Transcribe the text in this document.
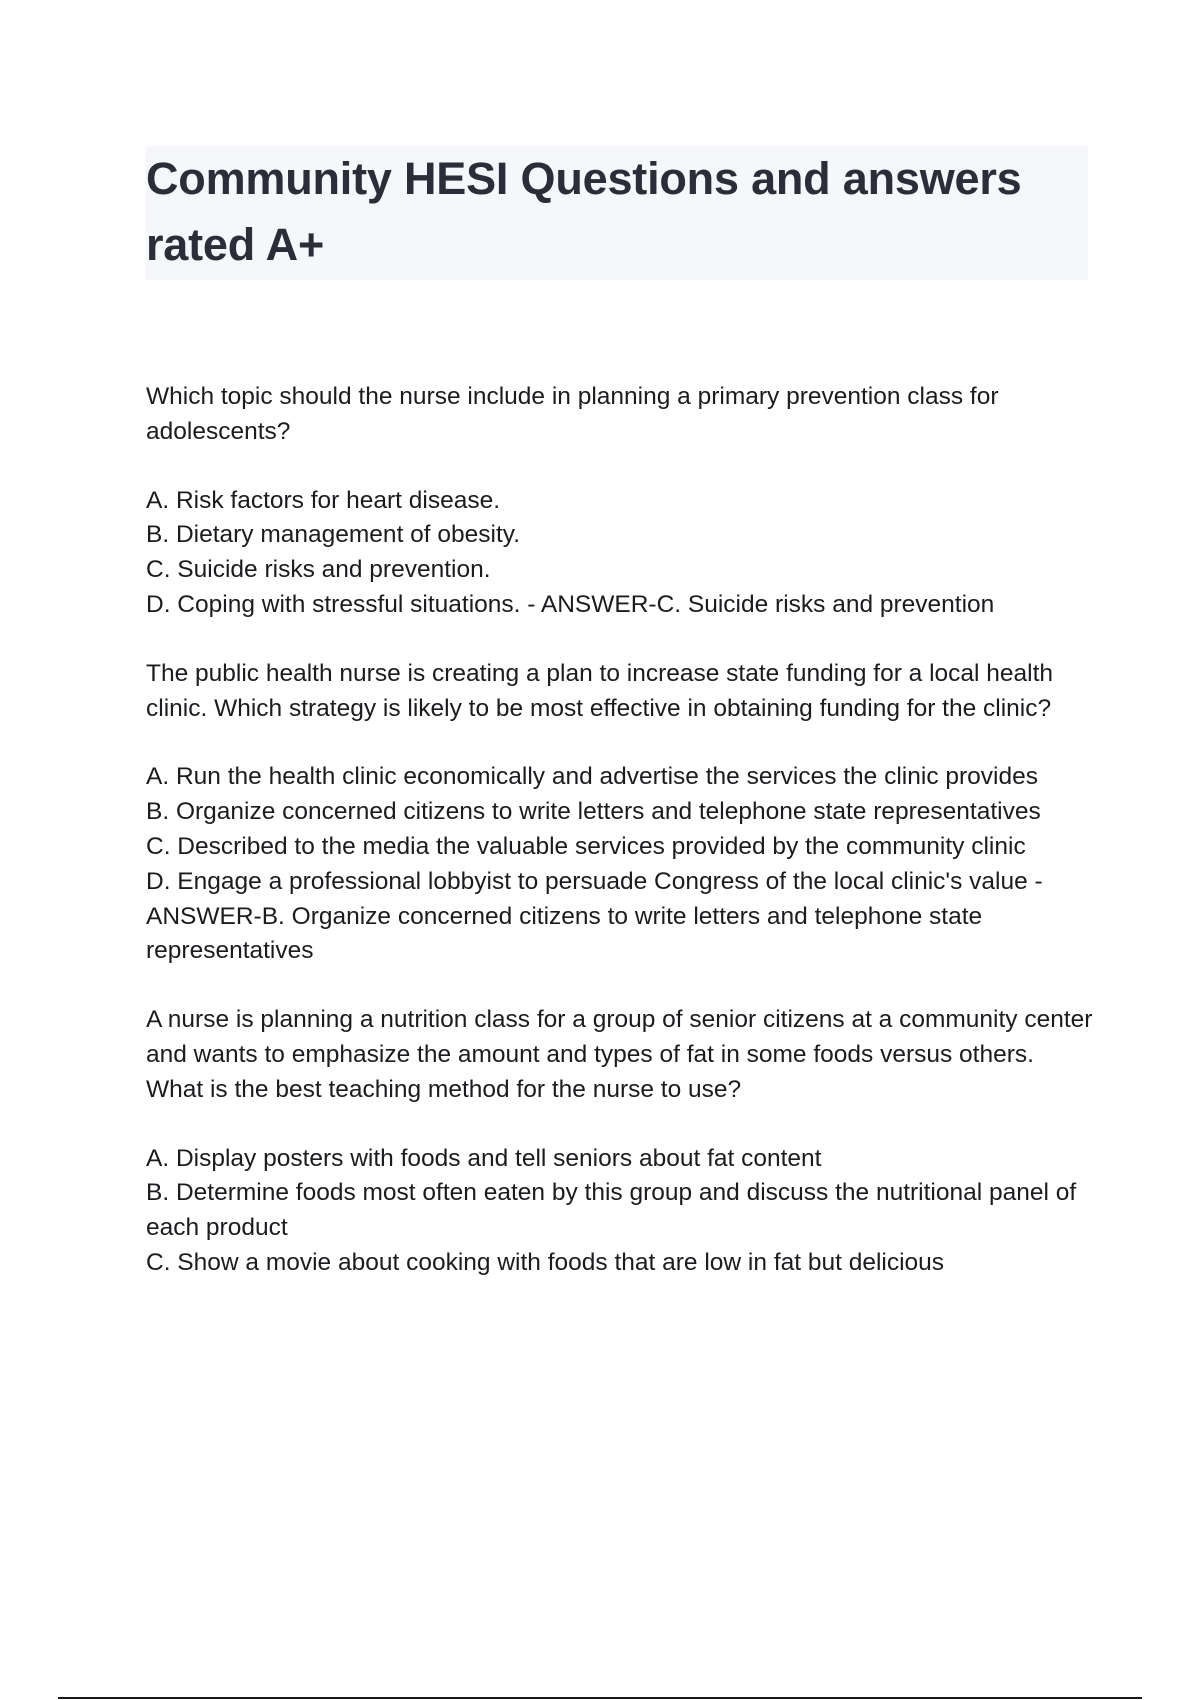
Community HESI Questions and answers rated A+

Which topic should the nurse include in planning a primary prevention class for adolescents?

A. Risk factors for heart disease.
B. Dietary management of obesity.
C. Suicide risks and prevention.
D. Coping with stressful situations. - ANSWER-C. Suicide risks and prevention

The public health nurse is creating a plan to increase state funding for a local health clinic. Which strategy is likely to be most effective in obtaining funding for the clinic?

A. Run the health clinic economically and advertise the services the clinic provides
B. Organize concerned citizens to write letters and telephone state representatives
C. Described to the media the valuable services provided by the community clinic
D. Engage a professional lobbyist to persuade Congress of the local clinic's value - ANSWER-B. Organize concerned citizens to write letters and telephone state representatives

A nurse is planning a nutrition class for a group of senior citizens at a community center and wants to emphasize the amount and types of fat in some foods versus others. What is the best teaching method for the nurse to use?

A. Display posters with foods and tell seniors about fat content
B. Determine foods most often eaten by this group and discuss the nutritional panel of each product
C. Show a movie about cooking with foods that are low in fat but delicious
